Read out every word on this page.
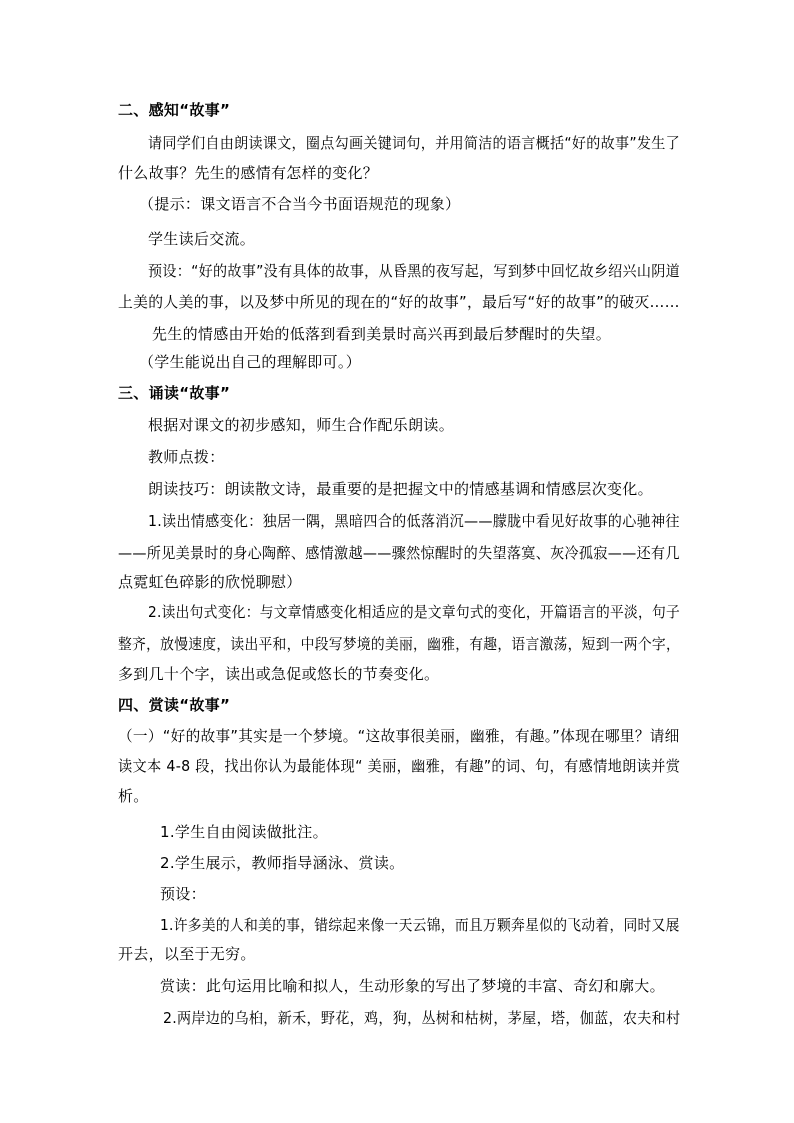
二、感知“故事”
请同学们自由朗读课文，圈点勾画关键词句，并用简洁的语言概括“好的故事”发生了
什么故事？先生的感情有怎样的变化？
（提示：课文语言不合当今书面语规范的现象）
学生读后交流。
预设：“好的故事”没有具体的故事，从昏黑的夜写起，写到梦中回忆故乡绍兴山阴道
上美的人美的事，以及梦中所见的现在的“好的故事”，最后写“好的故事”的破灭……
先生的情感由开始的低落到看到美景时高兴再到最后梦醒时的失望。
（学生能说出自己的理解即可。）
三、诵读“故事”
根据对课文的初步感知，师生合作配乐朗读。
教师点拨：
朗读技巧：朗读散文诗，最重要的是把握文中的情感基调和情感层次变化。
1.读出情感变化：独居一隅，黑暗四合的低落消沉——朦胧中看见好故事的心驰神往
——所见美景时的身心陶醉、感情激越——骤然惊醒时的失望落寞、灰冷孤寂——还有几
点霓虹色碎影的欣悦聊慰）
2.读出句式变化：与文章情感变化相适应的是文章句式的变化，开篇语言的平淡，句子
整齐，放慢速度，读出平和，中段写梦境的美丽，幽雅，有趣，语言激荡，短到一两个字，
多到几十个字，读出或急促或悠长的节奏变化。
四、赏读“故事”
（一）“好的故事”其实是一个梦境。“这故事很美丽，幽雅，有趣。”体现在哪里？请细
读文本 4-8 段，找出你认为最能体现“ 美丽，幽雅，有趣”的词、句，有感情地朗读并赏
析。
1.学生自由阅读做批注。
2.学生展示，教师指导涵泳、赏读。
预设：
1.许多美的人和美的事，错综起来像一天云锦，而且万颗奔星似的飞动着，同时又展
开去，以至于无穷。
赏读：此句运用比喻和拟人，生动形象的写出了梦境的丰富、奇幻和廓大。
2.两岸边的乌桕，新禾，野花，鸡，狗，丛树和枯树，茅屋，塔，伽蓝，农夫和村
